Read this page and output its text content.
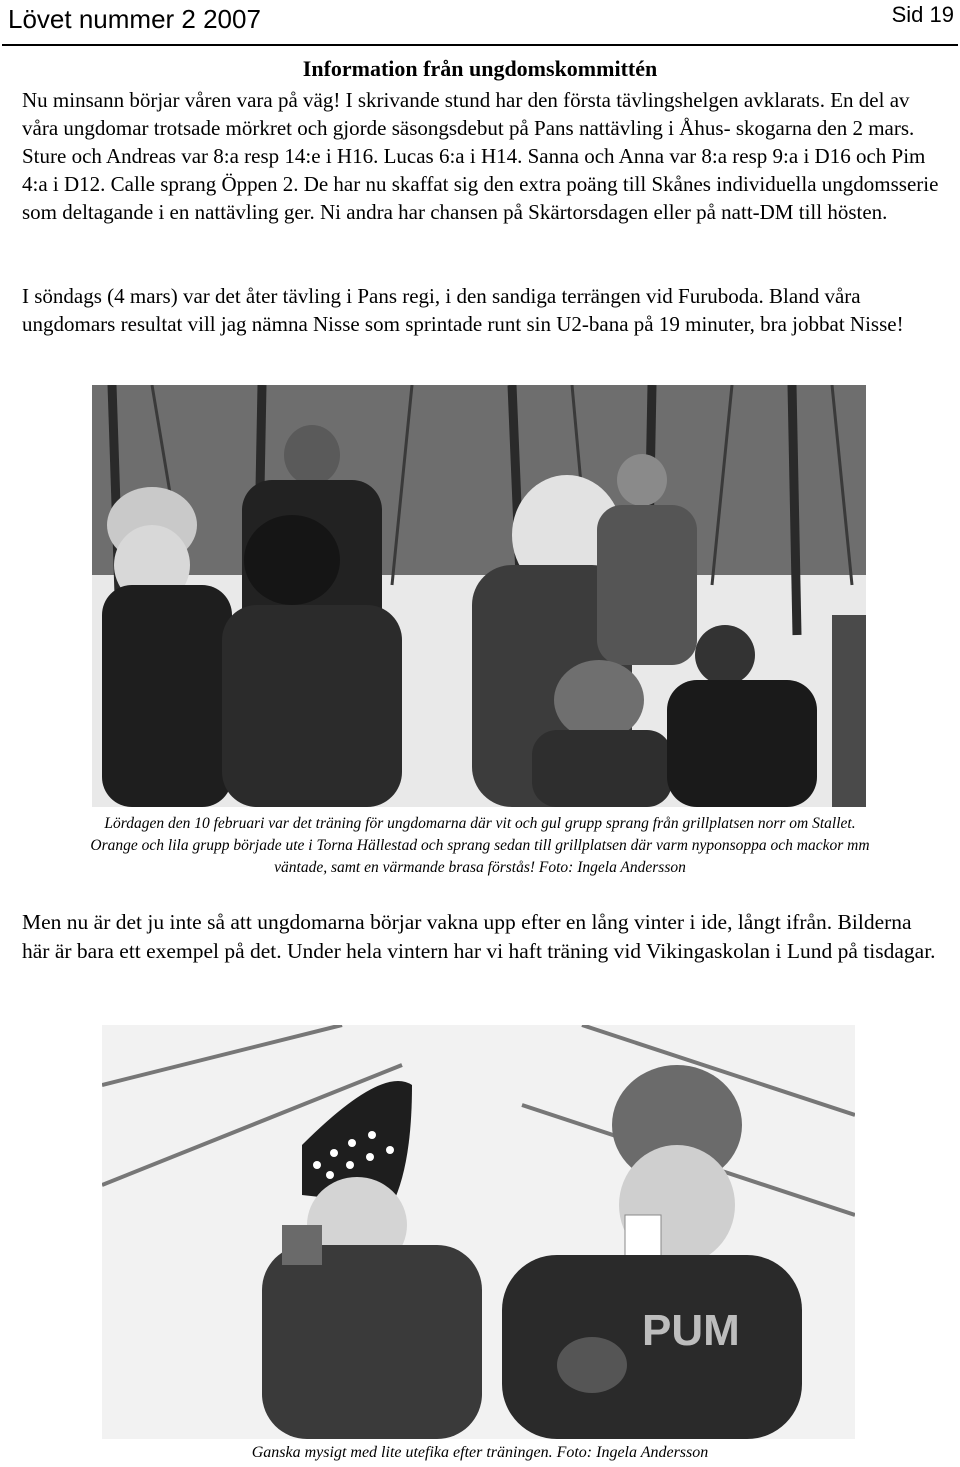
Lövet nummer 2 2007	Sid 19
Information från ungdomskommittén

Nu minsann börjar våren vara på väg! I skrivande stund har den första tävlingshelgen avklarats. En del av våra ungdomar trotsade mörkret och gjorde säsongsdebut på Pans nattävling i Åhus- skogarna den 2 mars. Sture och Andreas var 8:a resp 14:e i H16. Lucas 6:a i H14. Sanna och Anna var 8:a resp 9:a i D16 och Pim 4:a i D12. Calle sprang Öppen 2. De har nu skaffat sig den extra poäng till Skånes individuella ungdomsserie som deltagande i en nattävling ger. Ni andra har chansen på Skärtorsdagen eller på natt-DM till hösten.

I söndags (4 mars) var det åter tävling i Pans regi, i den sandiga terrängen vid Furuboda. Bland våra ungdomars resultat vill jag nämna Nisse som sprintade runt sin U2-bana på 19 minuter, bra jobbat Nisse!

Lördagen den 10 februari var det träning för ungdomarna där vit och gul grupp sprang från grillplatsen norr om Stallet.

Orange och lila grupp började ute i Torna Hällestad och sprang sedan till grillplatsen där varm nyponsoppa och mackor mm

väntade, samt en värmande brasa förstås! Foto: Ingela Andersson

Men nu är det ju inte så att ungdomarna börjar vakna upp efter en lång vinter i ide, långt ifrån. Bilderna här är bara ett exempel på det. Under hela vintern har vi haft träning vid Vikingaskolan i Lund på tisdagar.

PUM

Ganska mysigt med lite utefika efter träningen. Foto: Ingela Andersson
